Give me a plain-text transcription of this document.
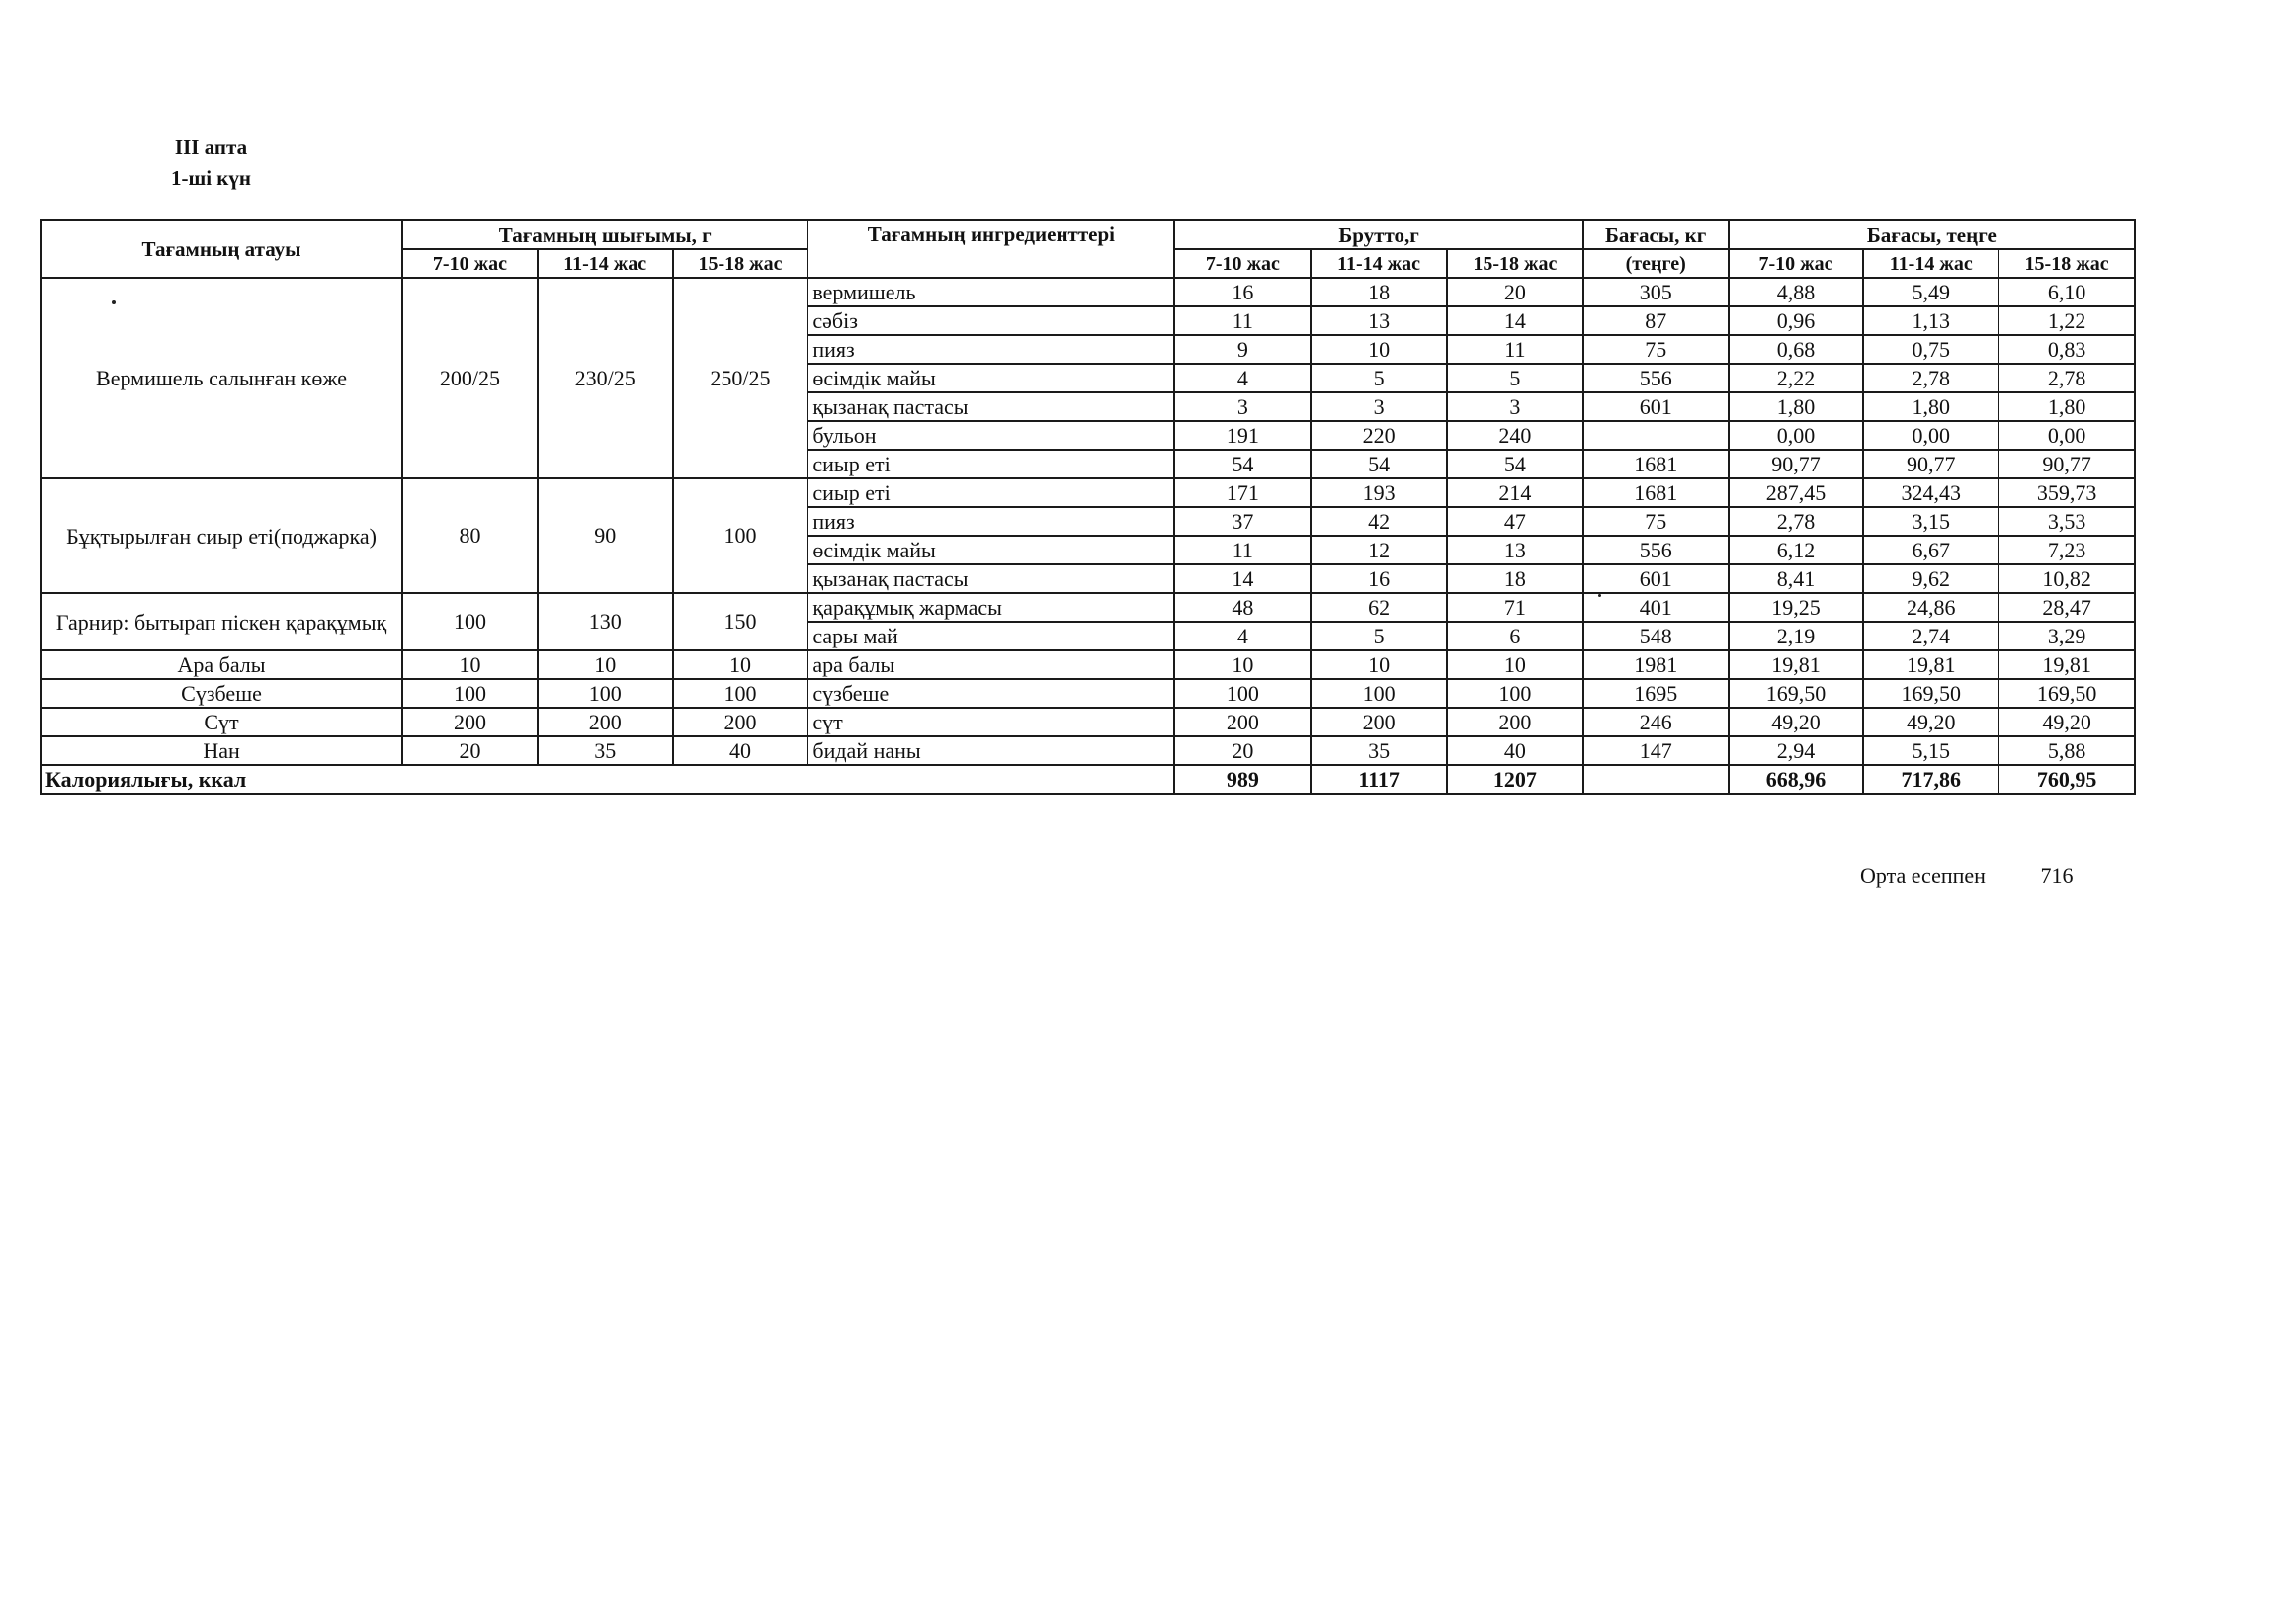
III апта
1-ші күн
Тағамның атауы	Тағамның шығымы, г			Тағамның ингредиенттері	Брутто,г			Бағасы, кг	Бағасы, теңге		
	7-10 жас	11-14 жас	15-18 жас		7-10 жас	11-14 жас	15-18 жас	(теңге)	7-10 жас	11-14 жас	15-18 жас
Вермишель салынған көже	200/25	230/25	250/25	вермишель	16	18	20	305	4,88	5,49	6,10
				сәбіз	11	13	14	87	0,96	1,13	1,22
				пияз	9	10	11	75	0,68	0,75	0,83
				өсімдік майы	4	5	5	556	2,22	2,78	2,78
				қызанақ пастасы	3	3	3	601	1,80	1,80	1,80
				бульон	191	220	240		0,00	0,00	0,00
				сиыр еті	54	54	54	1681	90,77	90,77	90,77
Бұқтырылған сиыр еті(поджарка)	80	90	100	сиыр еті	171	193	214	1681	287,45	324,43	359,73
				пияз	37	42	47	75	2,78	3,15	3,53
				өсімдік майы	11	12	13	556	6,12	6,67	7,23
				қызанақ пастасы	14	16	18	601	8,41	9,62	10,82
Гарнир: бытырап піскен қарақұмық	100	130	150	қарақұмық жармасы	48	62	71	401	19,25	24,86	28,47
				сары май	4	5	6	548	2,19	2,74	3,29
Ара балы	10	10	10	ара балы	10	10	10	1981	19,81	19,81	19,81
Сүзбеше	100	100	100	сүзбеше	100	100	100	1695	169,50	169,50	169,50
Сүт	200	200	200	сүт	200	200	200	246	49,20	49,20	49,20
Нан	20	35	40	бидай наны	20	35	40	147	2,94	5,15	5,88
Калориялығы, ккал					989	1117	1207		668,96	717,86	760,95
Орта есеппен	716
